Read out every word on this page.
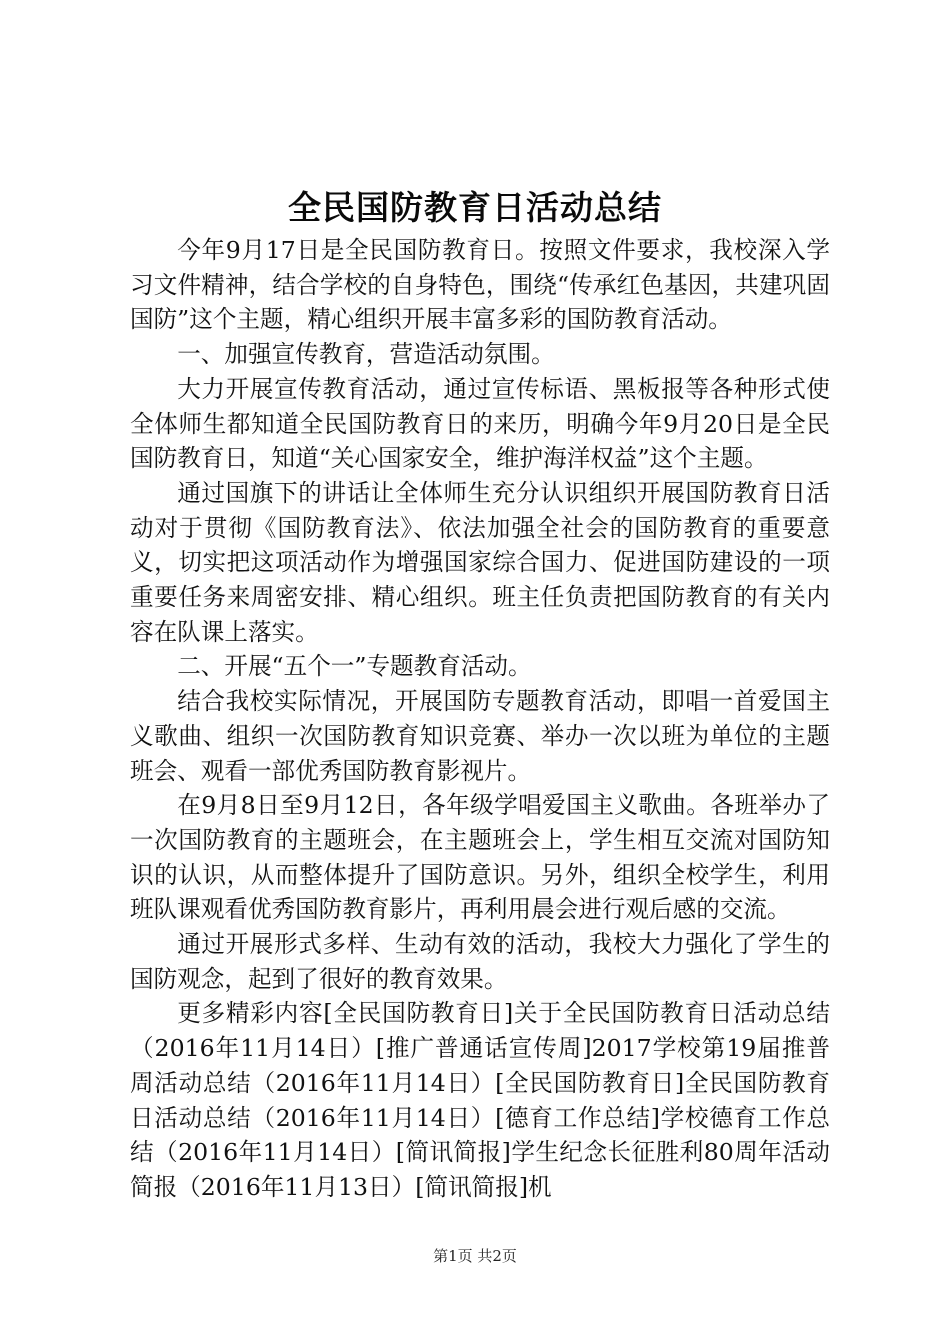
全民国防教育日活动总结

今年9月17日是全民国防教育日。按照文件要求，我校深入学习文件精神，结合学校的自身特色，围绕“传承红色基因，共建巩固国防”这个主题，精心组织开展丰富多彩的国防教育活动。

一、加强宣传教育，营造活动氛围。

大力开展宣传教育活动，通过宣传标语、黑板报等各种形式使全体师生都知道全民国防教育日的来历，明确今年9月20日是全民国防教育日，知道“关心国家安全，维护海洋权益”这个主题。

通过国旗下的讲话让全体师生充分认识组织开展国防教育日活动对于贯彻《国防教育法》、依法加强全社会的国防教育的重要意义，切实把这项活动作为增强国家综合国力、促进国防建设的一项重要任务来周密安排、精心组织。班主任负责把国防教育的有关内容在队课上落实。

二、开展“五个一”专题教育活动。

结合我校实际情况，开展国防专题教育活动，即唱一首爱国主义歌曲、组织一次国防教育知识竞赛、举办一次以班为单位的主题班会、观看一部优秀国防教育影视片。

在9月8日至9月12日，各年级学唱爱国主义歌曲。各班举办了一次国防教育的主题班会，在主题班会上，学生相互交流对国防知识的认识，从而整体提升了国防意识。另外，组织全校学生，利用班队课观看优秀国防教育影片，再利用晨会进行观后感的交流。

通过开展形式多样、生动有效的活动，我校大力强化了学生的国防观念，起到了很好的教育效果。

更多精彩内容[全民国防教育日]关于全民国防教育日活动总结（2016年11月14日）[推广普通话宣传周]2017学校第19届推普周活动总结（2016年11月14日）[全民国防教育日]全民国防教育日活动总结（2016年11月14日）[德育工作总结]学校德育工作总结（2016年11月14日）[简讯简报]学生纪念长征胜利80周年活动简报（2016年11月13日）[简讯简报]机

第1页 共2页
